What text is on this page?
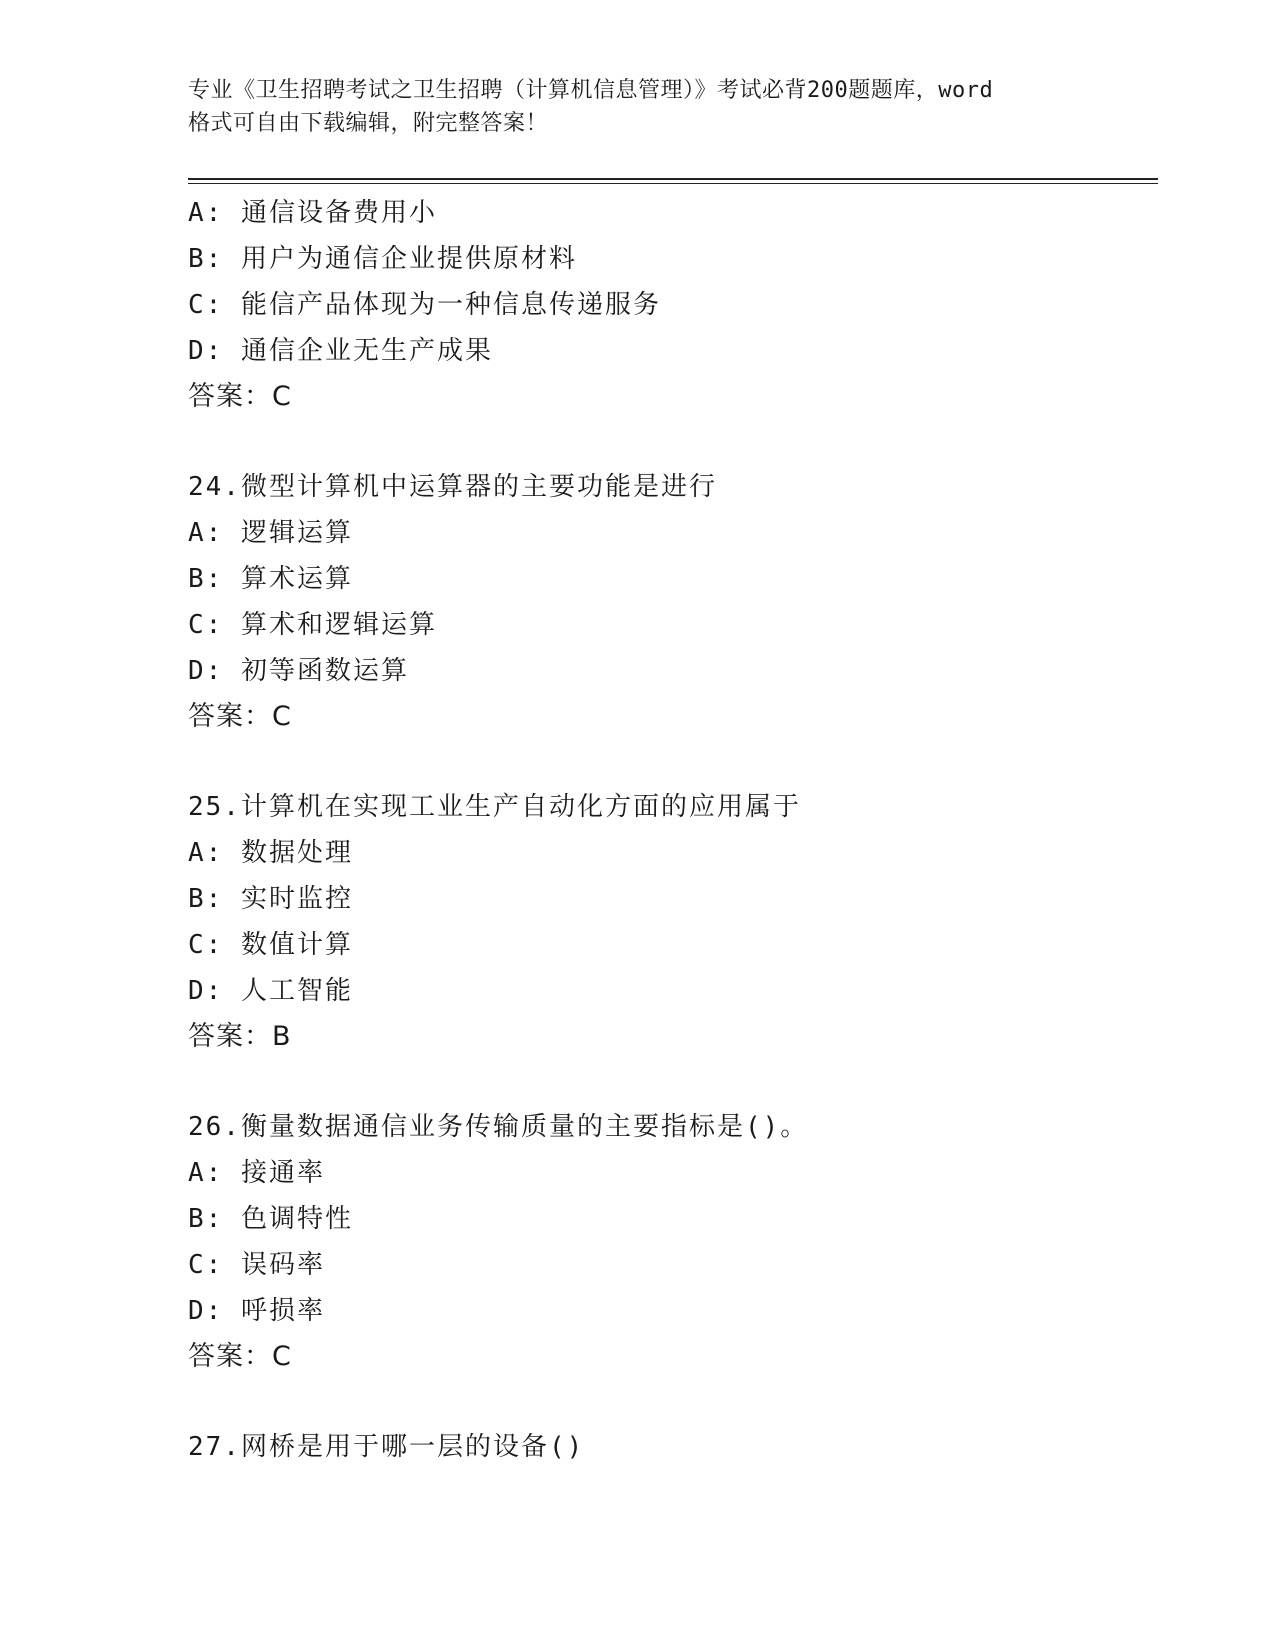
专业《卫生招聘考试之卫生招聘（计算机信息管理）》考试必背200题题库，word
格式可自由下载编辑，附完整答案！
A: 通信设备费用小
B: 用户为通信企业提供原材料
C: 能信产品体现为一种信息传递服务
D: 通信企业无生产成果
答案：C
24.微型计算机中运算器的主要功能是进行
A: 逻辑运算
B: 算术运算
C: 算术和逻辑运算
D: 初等函数运算
答案：C
25.计算机在实现工业生产自动化方面的应用属于
A: 数据处理
B: 实时监控
C: 数值计算
D: 人工智能
答案：B
26.衡量数据通信业务传输质量的主要指标是()。
A: 接通率
B: 色调特性
C: 误码率
D: 呼损率
答案：C
27.网桥是用于哪一层的设备()
